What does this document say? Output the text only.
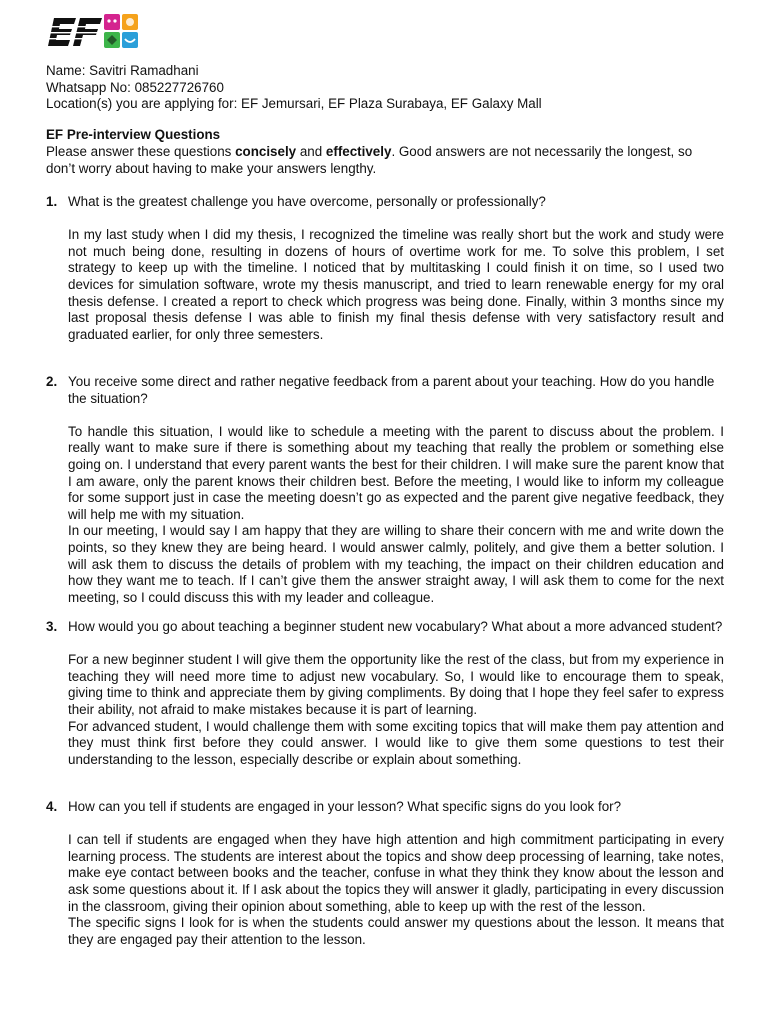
Name: Savitri Ramadhani
Whatsapp No: 085227726760
Location(s) you are applying for: EF Jemursari, EF Plaza Surabaya, EF Galaxy Mall
EF Pre-interview Questions
Please answer these questions concisely and effectively. Good answers are not necessarily the longest, so don’t worry about having to make your answers lengthy.
1. What is the greatest challenge you have overcome, personally or professionally?

In my last study when I did my thesis, I recognized the timeline was really short but the work and study were not much being done, resulting in dozens of hours of overtime work for me. To solve this problem, I set strategy to keep up with the timeline. I noticed that by multitasking I could finish it on time, so I used two devices for simulation software, wrote my thesis manuscript, and tried to learn renewable energy for my oral thesis defense. I created a report to check which progress was being done. Finally, within 3 months since my last proposal thesis defense I was able to finish my final thesis defense with very satisfactory result and graduated earlier, for only three semesters.

2. You receive some direct and rather negative feedback from a parent about your teaching. How do you handle the situation?

To handle this situation, I would like to schedule a meeting with the parent to discuss about the problem. I really want to make sure if there is something about my teaching that really the problem or something else going on. I understand that every parent wants the best for their children. I will make sure the parent know that I am aware, only the parent knows their children best. Before the meeting, I would like to inform my colleague for some support just in case the meeting doesn’t go as expected and the parent give negative feedback, they will help me with my situation.

In our meeting, I would say I am happy that they are willing to share their concern with me and write down the points, so they knew they are being heard. I would answer calmly, politely, and give them a better solution. I will ask them to discuss the details of problem with my teaching, the impact on their children education and how they want me to teach. If I can’t give them the answer straight away, I will ask them to come for the next meeting, so I could discuss this with my leader and colleague.

3. How would you go about teaching a beginner student new vocabulary? What about a more advanced student?

For a new beginner student I will give them the opportunity like the rest of the class, but from my experience in teaching they will need more time to adjust new vocabulary. So, I would like to encourage them to speak, giving time to think and appreciate them by giving compliments. By doing that I hope they feel safer to express their ability, not afraid to make mistakes because it is part of learning.

For advanced student, I would challenge them with some exciting topics that will make them pay attention and they must think first before they could answer. I would like to give them some questions to test their understanding to the lesson, especially describe or explain about something.

4. How can you tell if students are engaged in your lesson? What specific signs do you look for?

I can tell if students are engaged when they have high attention and high commitment participating in every learning process. The students are interest about the topics and show deep processing of learning, take notes, make eye contact between books and the teacher, confuse in what they think they know about the lesson and ask some questions about it. If I ask about the topics they will answer it gladly, participating in every discussion in the classroom, giving their opinion about something, able to keep up with the rest of the lesson.

The specific signs I look for is when the students could answer my questions about the lesson. It means that they are engaged pay their attention to the lesson.
